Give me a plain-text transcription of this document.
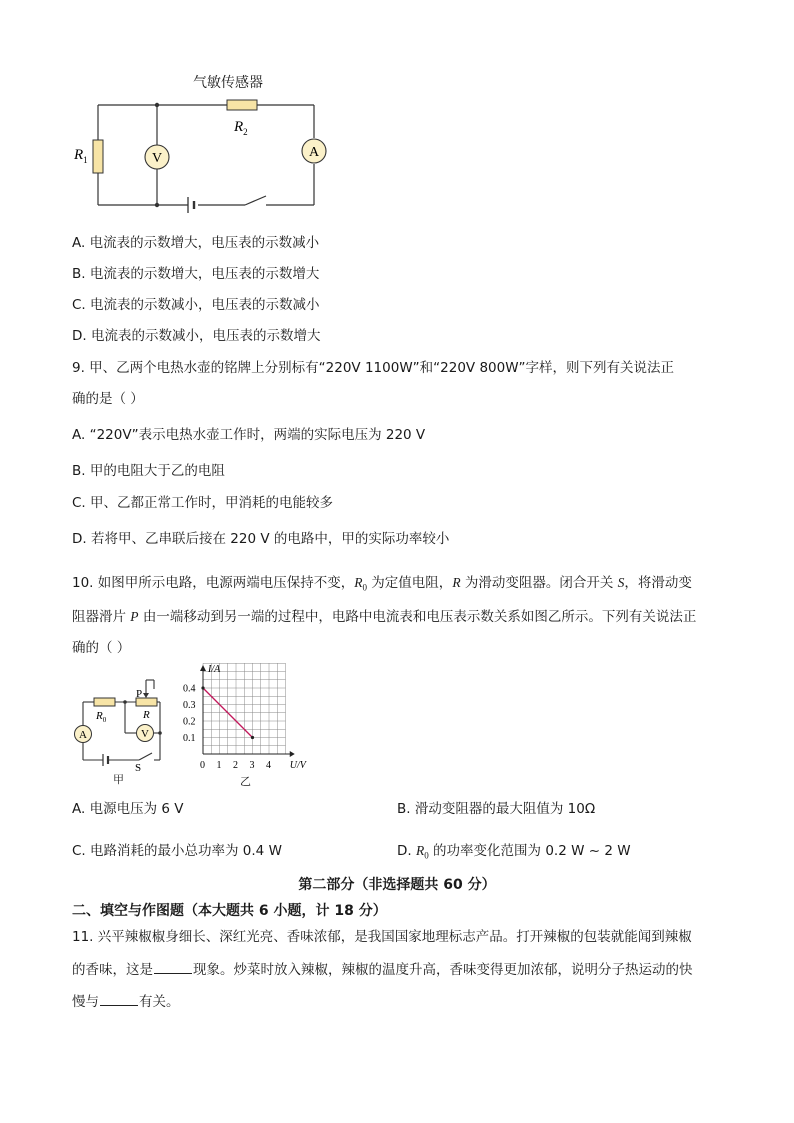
气敏传感器
V	A
$R_2$
$R_1$
A. 电流表的示数增大，电压表的示数减小
B. 电流表的示数增大，电压表的示数增大
C. 电流表的示数减小，电压表的示数减小
D. 电流表的示数减小，电压表的示数增大
9. 甲、乙两个电热水壶的铭牌上分别标有“220V 1100W”和“220V 800W”字样，则下列有关说法正
确的是（ ）
A. “220V”表示电热水壶工作时，两端的实际电压为 220 V
B. 甲的电阻大于乙的电阻
C. 甲、乙都正常工作时，甲消耗的电能较多
D. 若将甲、乙串联后接在 220 V 的电路中，甲的实际功率较小
10. 如图甲所示电路，电源两端电压保持不变，$R_0$ 为定值电阻，R 为滑动变阻器。闭合开关 S，将滑动变
阻器滑片 P 由一端移动到另一端的过程中，电路中电流表和电压表示数关系如图乙所示。下列有关说法正
确的（ ）
A	V
$R_0$
P
R
S
甲
0 1 2 3 4
0.1
0.2
0.3
0.4
I/A
U/V
乙
A. 电源电压为 6 V	B. 滑动变阻器的最大阻值为 10Ω
C. 电路消耗的最小总功率为 0.4 W	D. $R_0$ 的功率变化范围为 0.2 W ~ 2 W
第二部分（非选择题共 60 分）
二、填空与作图题（本大题共 6 小题，计 18 分）
11. 兴平辣椒椒身细长、深红光亮、香味浓郁，是我国国家地理标志产品。打开辣椒的包装就能闻到辣椒
的香味，这是	现象。炒菜时放入辣椒，辣椒的温度升高，香味变得更加浓郁，说明分子热运动的快
慢与	有关。
